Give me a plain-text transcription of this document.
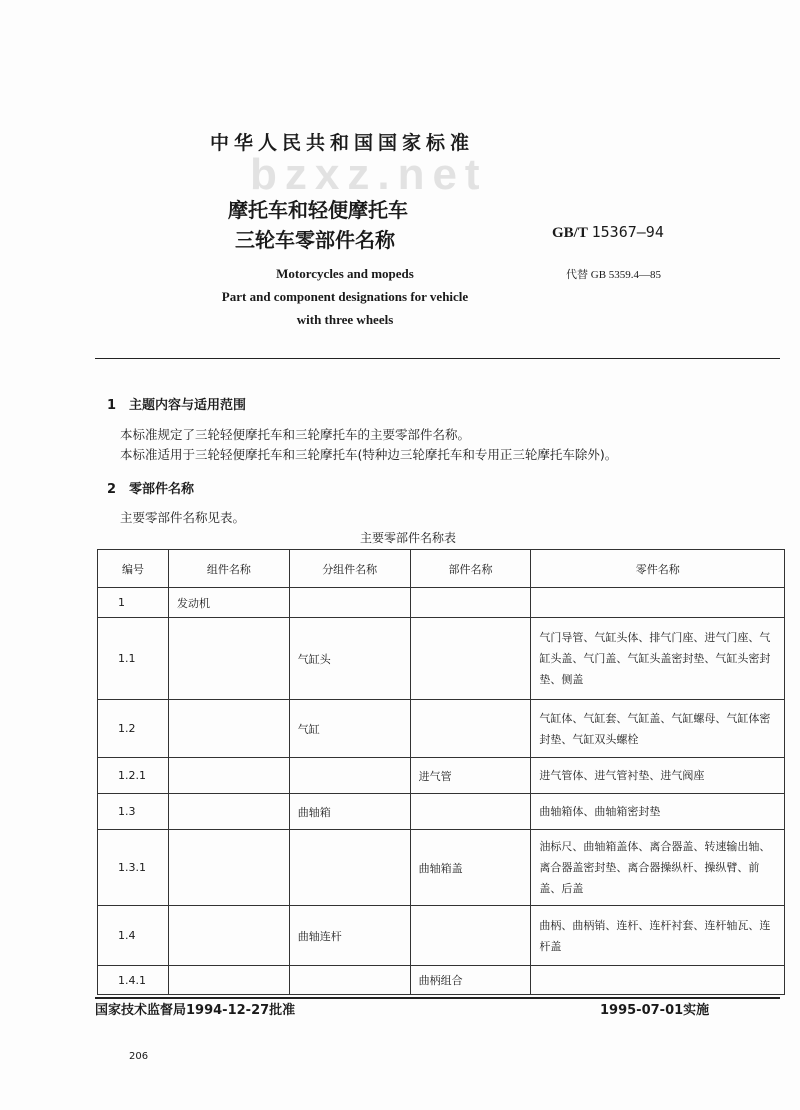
中华人民共和国国家标准
bzxz.net
摩托车和轻便摩托车
三轮车零部件名称	GB/T 15367—94
代替 GB 5359.4—85
Motorcycles and mopeds
Part and component designations for vehicle
with three wheels
1　主题内容与适用范围
本标准规定了三轮轻便摩托车和三轮摩托车的主要零部件名称。
本标准适用于三轮轻便摩托车和三轮摩托车(特种边三轮摩托车和专用正三轮摩托车除外)。
2　零部件名称
主要零部件名称见表。
主要零部件名称表
编号	组件名称	分组件名称	部件名称	零件名称
1	发动机			
1.1		气缸头		气门导管、气缸头体、排气门座、进气门座、气缸头盖、气门盖、气缸头盖密封垫、气缸头密封垫、侧盖
1.2		气缸		气缸体、气缸套、气缸盖、气缸螺母、气缸体密封垫、气缸双头螺栓
1.2.1			进气管	进气管体、进气管衬垫、进气阀座
1.3		曲轴箱		曲轴箱体、曲轴箱密封垫
1.3.1			曲轴箱盖	油标尺、曲轴箱盖体、离合器盖、转速输出轴、离合器盖密封垫、离合器操纵杆、操纵臂、前盖、后盖
1.4		曲轴连杆		曲柄、曲柄销、连杆、连杆衬套、连杆轴瓦、连杆盖
1.4.1			曲柄组合	
国家技术监督局1994-12-27批准	1995-07-01实施
206
